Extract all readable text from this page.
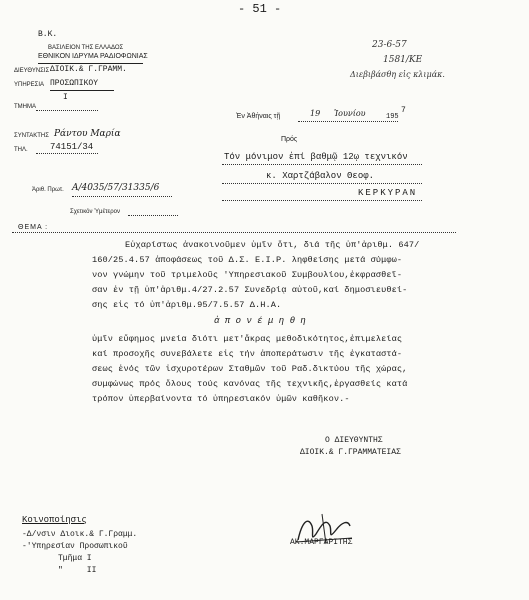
- 51 -
Β.Κ.
ΒΑΣΙΛΕΙΟΝ ΤΗΣ ΕΛΛΑΔΟΣ
ΕΘΝΙΚΟΝ ΙΔΡΥΜΑ ΡΑΔΙΟΦΩΝΙΑΣ
ΔΙΕΥΘΥΝΣΙΣ ΔΙΟΙΚ.& Γ.ΓΡΑΜΜ.
ΥΠΗΡΕΣΙΑ ΠΡΟΣΩΠΙΚΟΥ
Ι
ΤΜΗΜΑ
ΣΥΝΤΑΚΤΗΣ Ράντου Μαρία
ΤΗΛ. 74151/34
23-6-57
1581/ΚΕ
Διεβιβάσθη εἰς κλιμάκ.
Ἐν Ἀθήναις τῇ	19 Ἰουνίου	195
7
Πρός
Τόν μόνιμον ἐπί βαθμῷ 12ῳ τεχνικόν
κ. Χαρτζάβαλον Θεοφ.
ΚΕΡΚΥΡΑΝ
Ἀριθ. Πρωτ. Α/4035/57/31335/6
Σχετικόν Ὑμέτερον
ΘΕΜΑ :
Εὐχαρίστως ἀνακοινοῦμεν ὑμῖν ὅτι, διά τῆς ὑπ'ἀριθμ. 647/
160/25.4.57 ἀποφάσεως τοῦ Δ.Σ. Ε.Ι.Ρ. ληφθείσης μετά σύμφω-
νον γνώμην τοῦ τριμελοῦς 'Υπηρεσιακοῦ Συμβουλίου,ἐκφρασθεῖ-
σαν ἐν τῇ ὑπ'ἀριθμ.4/27.2.57 Συνεδρίᾳ αὐτοῦ,καί δημοσιευθεί-
σης εἰς τό ὑπ'ἀριθμ.95/7.5.57 Δ.Η.Α.
ἀ π ο ν έ μ η θ η
ὑμῖν εὔφημος μνεία διότι μετ'ἄκρας μεθοδικότητος,ἐπιμελείας
καί προσοχῆς συνεβάλετε εἰς τήν ἀποπεράτωσιν τῆς ἐγκαταστά-
σεως ἑνός τῶν ἰσχυροτέρων Σταθμῶν τοῦ Ραδ.δικτύου τῆς χώρας,
συμφώνως πρός ὅλους τούς κανόνας τῆς τεχνικῆς,ἐργασθείς κατά
τρόπον ὑπερβαίνοντα τό ὑπηρεσιακόν ὑμῶν καθῆκον.-
Ο ΔΙΕΥΘΥΝΤΗΣ
ΔΙΟΙΚ.& Γ.ΓΡΑΜΜΑΤΕΙΑΣ
ΑΚ.ΜΑΡΓΑΡΙΤΗΣ
Κοινοποίησις
-Δ/νσιν Διοικ.& Γ.Γραμμ.
-'Υπηρεσίαν Προσωπικοῦ
Τμῆμα Ι
"     ΙΙ
